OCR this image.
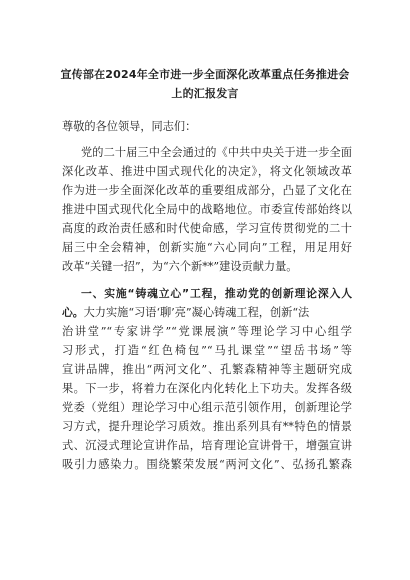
宣传部在2024年全市进一步全面深化改革重点任务推进会
上的汇报发言
尊敬的各位领导，同志们：
党的二十届三中全会通过的《中共中央关于进一步全面
深化改革、推进中国式现代化的决定》，将文化领域改革
作为进一步全面深化改革的重要组成部分，凸显了文化在
推进中国式现代化全局中的战略地位。市委宣传部始终以
高度的政治责任感和时代使命感，学习宣传贯彻党的二十
届三中全会精神，创新实施“六心同向”工程，用足用好
改革“关键一招”，为“六个新**”建设贡献力量。
一、实施“铸魂立心”工程，推动党的创新理论深入人
心。大力实施“习语‘聊’亮”凝心铸魂工程，创新“法
治讲堂”“专家讲学”“党课展演”等理论学习中心组学
习形式，打造“红色椅包”“马扎课堂”“望岳书场”等
宣讲品牌，推出“两河文化”、孔繁森精神等主题研究成
果。下一步，将着力在深化内化转化上下功夫。发挥各级
党委（党组）理论学习中心组示范引领作用，创新理论学
习方式，提升理论学习质效。推出系列具有**特色的情景
式、沉浸式理论宣讲作品，培育理论宣讲骨干，增强宣讲
吸引力感染力。围绕繁荣发展“两河文化”、弘扬孔繁森
